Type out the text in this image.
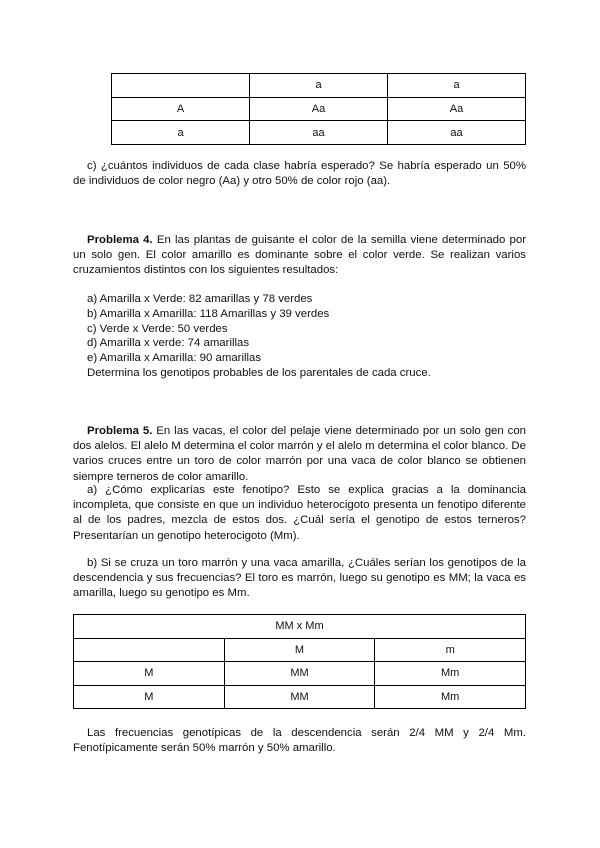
	a	a
A	Aa	Aa
a	aa	aa

c) ¿cuántos individuos de cada clase habría esperado? Se habría esperado un 50% de individuos de color negro (Aa) y otro 50% de color rojo (aa).

Problema 4. En las plantas de guisante el color de la semilla viene determinado por un solo gen. El color amarillo es dominante sobre el color verde. Se realizan varios cruzamientos distintos con los siguientes resultados:

a) Amarilla x Verde: 82 amarillas y 78 verdes
b) Amarilla x Amarilla: 118 Amarillas y 39 verdes
c) Verde x Verde: 50 verdes
d) Amarilla x verde: 74 amarillas
e) Amarilla x Amarilla: 90 amarillas
Determina los genotipos probables de los parentales de cada cruce.

Problema 5. En las vacas, el color del pelaje viene determinado por un solo gen con dos alelos. El alelo M determina el color marrón y el alelo m determina el color blanco. De varios cruces entre un toro de color marrón por una vaca de color blanco se obtienen siempre terneros de color amarillo.

a) ¿Cómo explicarías este fenotipo? Esto se explica gracias a la dominancia incompleta, que consiste en que un individuo heterocigoto presenta un fenotipo diferente al de los padres, mezcla de estos dos. ¿Cuál sería el genotipo de estos terneros? Presentarían un genotipo heterocigoto (Mm).

b) Si se cruza un toro marrón y una vaca amarilla, ¿Cuáles serían los genotipos de la descendencia y sus frecuencias? El toro es marrón, luego su genotipo es MM; la vaca es amarilla, luego su genotipo es Mm.

MM x Mm		
	M	m
M	MM	Mm
M	MM	Mm

Las frecuencias genotípicas de la descendencia serán 2/4 MM y 2/4 Mm. Fenotípicamente serán 50% marrón y 50% amarillo.
